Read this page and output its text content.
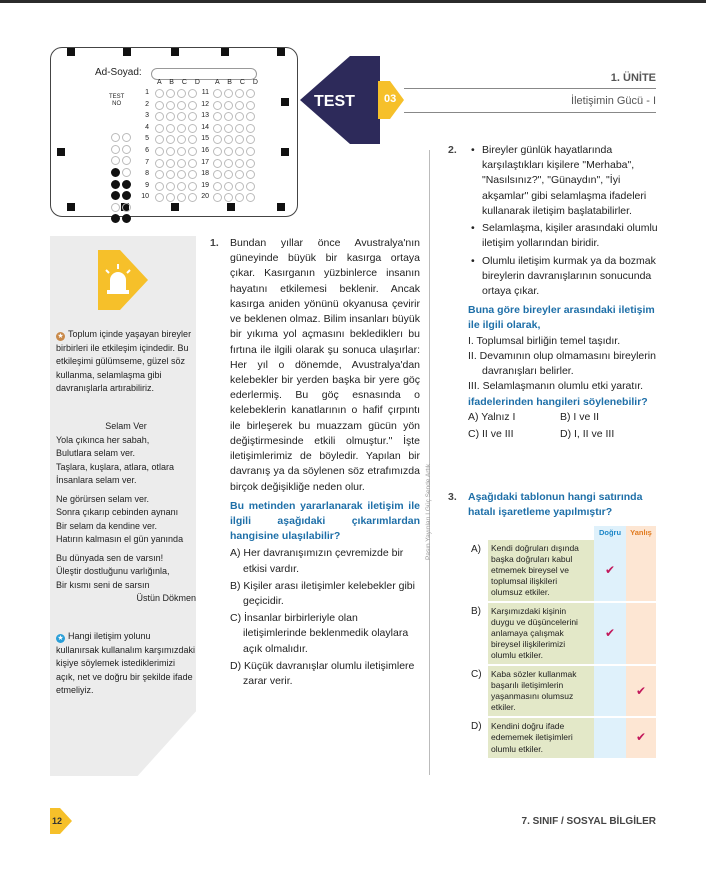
Ad-Soyad:
TEST
NO
A B C D A B C D
1	11
2	12
3	13
4	14
5	15
6	16
7	17
8	18
9	19
10	20
TEST	03
1. ÜNİTE
İletişimin Gücü - I
★ Toplum içinde yaşayan bireyler birbirleri ile etkileşim içindedir. Bu etkileşimi gülümseme, güzel söz kullanma, selamlaşma gibi davranışlarla artırabiliriz.
Selam Ver
Yola çıkınca her sabah,
Bulutlara selam ver.
Taşlara, kuşlara, atlara, otlara
İnsanlara selam ver.
Ne görürsen selam ver.
Sonra çıkarıp cebinden aynanı
Bir selam da kendine ver.
Hatırın kalmasın el gün yanında
Bu dünyada sen de varsın!
Üleştir dostluğunu varlığınla,
Bir kısmı seni de sarsın
Üstün Dökmen
★ Hangi iletişim yolunu kullanırsak kullanalım karşımızdaki kişiye söylemek istediklerimizi açık, net ve doğru bir şekilde ifade etmeliyiz.
1. Bundan yıllar önce Avustralya'nın güneyinde büyük bir kasırga ortaya çıkar. Kasırganın yüzbinlerce insanın hayatını etkilemesi beklenir. Ancak kasırga aniden yönünü okyanusa çevirir ve beklenen olmaz. Bilim insanları büyük bir yıkıma yol açmasını beklediklerı bu fırtına ile ilgili olarak şu sonuca ulaşırlar: Her yıl o dönemde, Avustralya'dan kelebekler bir yerden başka bir yere göç ederlermiş. Bu göç esnasında o kelebeklerin kanatlarının o hafif çırpıntı ile birleşerek bu muazzam gücün yön değiştirmesinde etkili olmuştur." İşte iletişimlerimiz de böyledir. Yapılan bir davranış ya da söylenen söz etrafımızda birçok değişikliğe neden olur.
Bu metinden yararlanarak iletişim ile ilgili aşağıdaki çıkarımlardan hangisine ulaşılabilir?
A) Her davranışımızın çevremizde bir etkisi vardır.
B) Kişiler arası iletişimler kelebekler gibi geçicidir.
C) İnsanlar birbirleriyle olan iletişimlerinde beklenmedik olaylara açık olmalıdır.
D) Küçük davranışlar olumlu iletişimlere zarar verir.
Pasın Yayınları I Güç Sende Artık
2.	• Bireyler günlük hayatlarında karşılaştıkları kişilere "Merhaba", "Nasılsınız?", "Günaydın", "İyi akşamlar" gibi selamlaşma ifadeleri kullanarak iletişim başlatabilirler.
• Selamlaşma, kişiler arasındaki olumlu iletişim yollarından biridir.
• Olumlu iletişim kurmak ya da bozmak bireylerin davranışlarının sonucunda ortaya çıkar.
Buna göre bireyler arasındaki iletişim ile ilgili olarak,
I. Toplumsal birliğin temel taşıdır.
II. Devamının olup olmamasını bireylerin davranışları belirler.
III. Selamlaşmanın olumlu etki yaratır.
ifadelerinden hangileri söylenebilir?
A) Yalnız I	B) I ve II
C) II ve III	D) I, II ve III
3. Aşağıdaki tablonun hangi satırında hatalı işaretleme yapılmıştır?
		Doğru	Yanlış
A)	Kendi doğruları dışında başka doğruları kabul etmemek bireysel ve toplumsal ilişkileri olumsuz etkiler.	✔	
B)	Karşımızdaki kişinin duygu ve düşüncelerini anlamaya çalışmak bireysel ilişkilerimizi olumlu etkiler.	✔	
C)	Kaba sözler kullanmak başarılı iletişimlerin yaşanmasını olumsuz etkiler.		✔
D)	Kendini doğru ifade edememek iletişimleri olumlu etkiler.		✔
12	7. SINIF / SOSYAL BİLGİLER
